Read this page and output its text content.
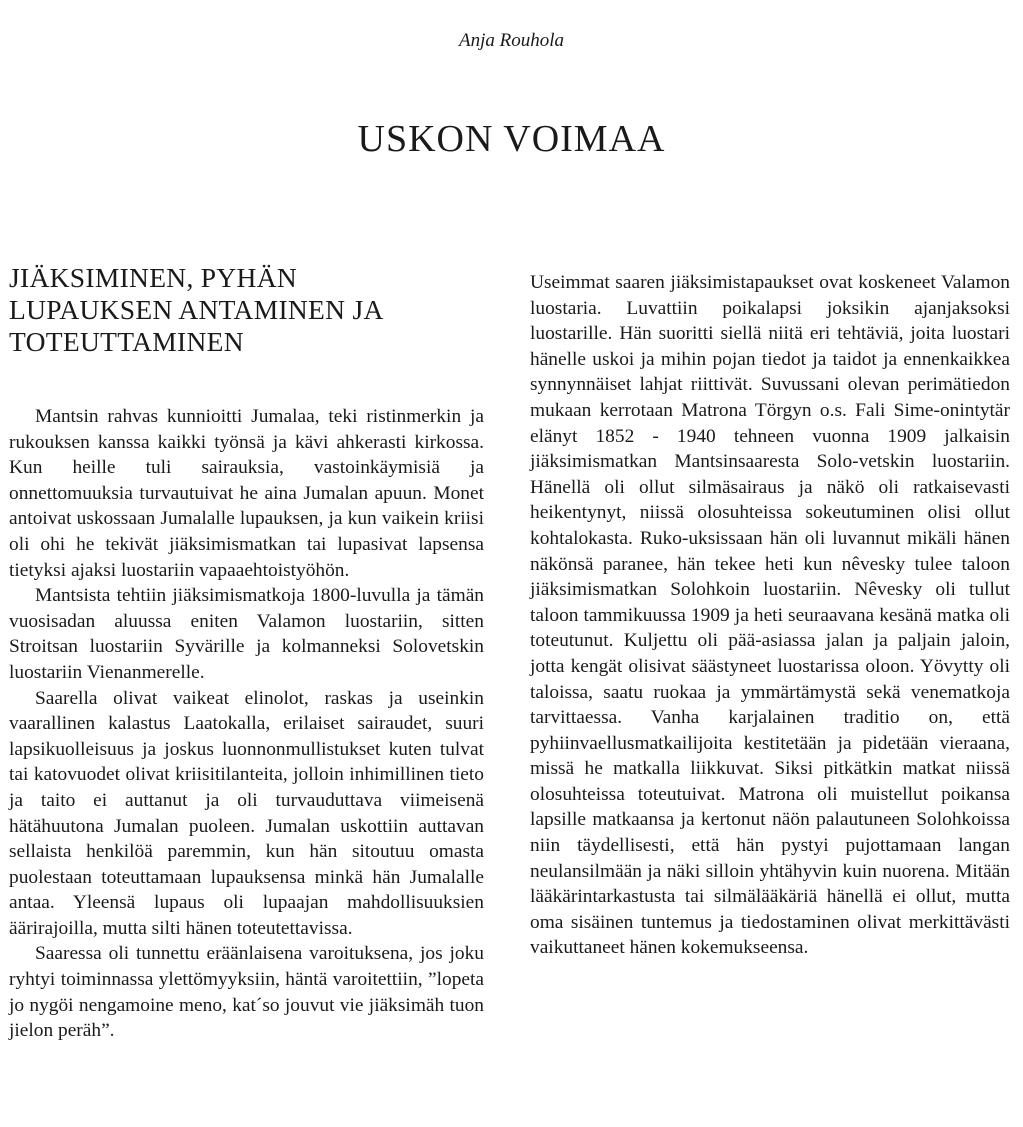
Anja Rouhola
USKON VOIMAA
JIÄKSIMINEN, PYHÄN
LUPAUKSEN ANTAMINEN JA
TOTEUTTAMINEN

Mantsin rahvas kunnioitti Jumalaa, teki ristinmerkin ja rukouksen kanssa kaikki työnsä ja kävi ahkerasti kirkossa. Kun heille tuli sairauksia, vastoinkäymisiä ja onnettomuuksia turvautuivat he aina Jumalan apuun. Monet antoivat uskossaan Jumalalle lupauksen, ja kun vaikein kriisi oli ohi he tekivät jiäksimismatkan tai lupasivat lapsensa tietyksi ajaksi luostariin vapaaehtoistyöhön.

Mantsista tehtiin jiäksimismatkoja 1800-luvulla ja tämän vuosisadan aluussa eniten Valamon luostariin, sitten Stroitsan luostariin Syvärille ja kolmanneksi Solovetskin luostariin Vienanmerelle.

Saarella olivat vaikeat elinolot, raskas ja useinkin vaarallinen kalastus Laatokalla, erilaiset sairaudet, suuri lapsikuolleisuus ja joskus luonnonmullistukset kuten tulvat tai katovuodet olivat kriisitilanteita, jolloin inhimillinen tieto ja taito ei auttanut ja oli turvauduttava viimeisenä hätähuutona Jumalan puoleen. Jumalan uskottiin auttavan sellaista henkilöä paremmin, kun hän sitoutuu omasta puolestaan toteuttamaan lupauksensa minkä hän Jumalalle antaa. Yleensä lupaus oli lupaajan mahdollisuuksien äärirajoilla, mutta silti hänen toteutettavissa.

Saaressa oli tunnettu eräänlaisena varoituksena, jos joku ryhtyi toiminnassa ylettömyyksiin, häntä varoitettiin, ”lopeta jo nygöi nengamoine meno, kat´so jouvut vie jiäksimäh tuon jielon peräh”.

Useimmat saaren jiäksimistapaukset ovat koskeneet Valamon luostaria. Luvattiin poikalapsi joksikin ajanjaksoksi luostarille. Hän suoritti siellä niitä eri tehtäviä, joita luostari hänelle uskoi ja mihin pojan tiedot ja taidot ja ennenkaikkea synnynnäiset lahjat riittivät. Suvussani olevan perimätiedon mukaan kerrotaan Matrona Törgyn o.s. Fali Sime-onintytär elänyt 1852 - 1940 tehneen vuonna 1909 jalkaisin jiäksimismatkan Mantsinsaaresta Solo-vetskin luostariin. Hänellä oli ollut silmäsairaus ja näkö oli ratkaisevasti heikentynyt, niissä olosuhteissa sokeutuminen olisi ollut kohtalokasta. Ruko-uksissaan hän oli luvannut mikäli hänen näkönsä paranee, hän tekee heti kun nêvesky tulee taloon jiäksimismatkan Solohkoin luostariin. Nêvesky oli tullut taloon tammikuussa 1909 ja heti seuraavana kesänä matka oli toteutunut. Kuljettu oli pää-asiassa jalan ja paljain jaloin, jotta kengät olisivat säästyneet luostarissa oloon. Yövytty oli taloissa, saatu ruokaa ja ymmärtämystä sekä venematkoja tarvittaessa. Vanha karjalainen traditio on, että pyhiinvaellusmatkailijoita kestitetään ja pidetään vieraana, missä he matkalla liikkuvat. Siksi pitkätkin matkat niissä olosuhteissa toteutuivat. Matrona oli muistellut poikansa lapsille matkaansa ja kertonut näön palautuneen Solohkoissa niin täydellisesti, että hän pystyi pujottamaan langan neulansilmään ja näki silloin yhtähyvin kuin nuorena. Mitään lääkärintarkastusta tai silmälääkäriä hänellä ei ollut, mutta oma sisäinen tuntemus ja tiedostaminen olivat merkittävästi vaikuttaneet hänen kokemukseensa.
